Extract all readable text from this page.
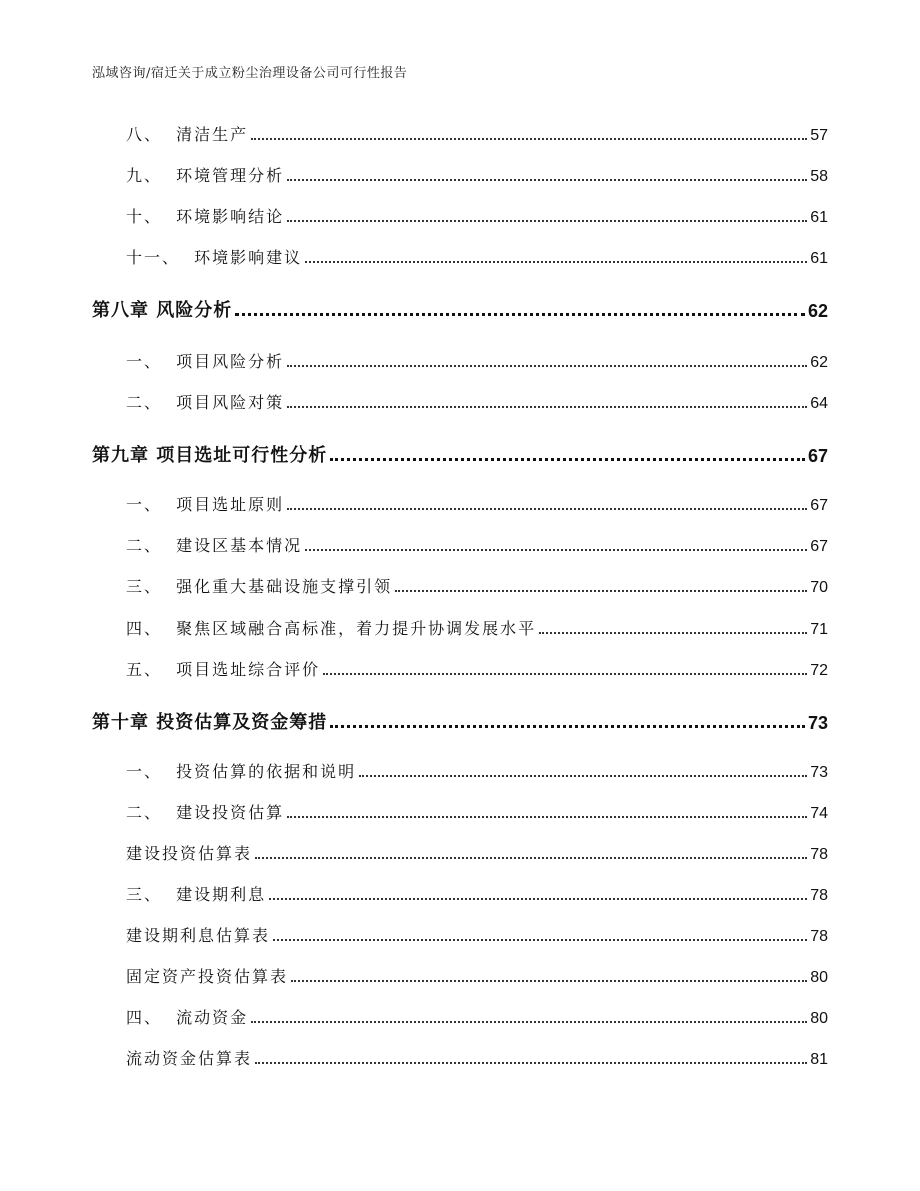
泓域咨询/宿迁关于成立粉尘治理设备公司可行性报告
八、  清洁生产	57
九、  环境管理分析	58
十、  环境影响结论	61
十一、  环境影响建议	61
第八章 风险分析	62
一、  项目风险分析	62
二、  项目风险对策	64
第九章 项目选址可行性分析	67
一、  项目选址原则	67
二、  建设区基本情况	67
三、  强化重大基础设施支撑引领	70
四、  聚焦区域融合高标准，着力提升协调发展水平	71
五、  项目选址综合评价	72
第十章 投资估算及资金筹措	73
一、  投资估算的依据和说明	73
二、  建设投资估算	74
建设投资估算表	78
三、  建设期利息	78
建设期利息估算表	78
固定资产投资估算表	80
四、  流动资金	80
流动资金估算表	81
